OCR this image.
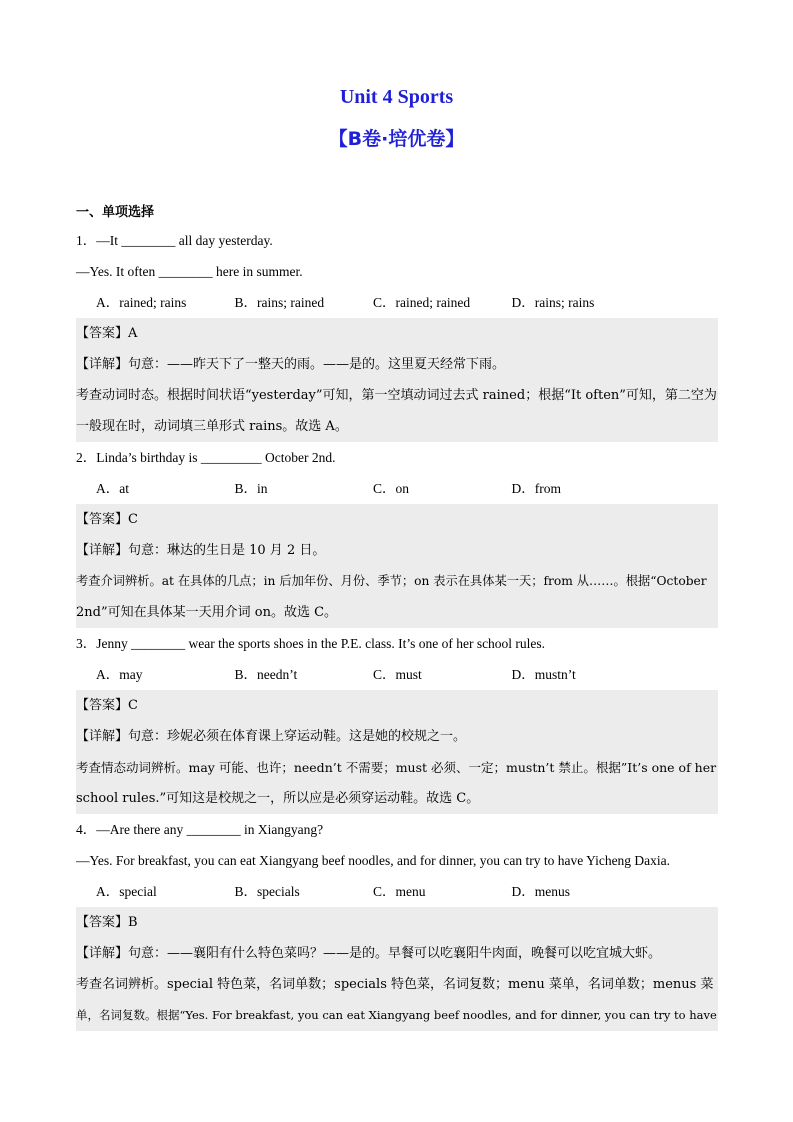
Unit 4 Sports
【B卷·培优卷】
一、单项选择
1．—It ________ all day yesterday.
—Yes. It often ________ here in summer.
A．rained; rains	B．rains; rained	C．rained; rained	D．rains; rains
【答案】A
【详解】句意：——昨天下了一整天的雨。——是的。这里夏天经常下雨。
考查动词时态。根据时间状语“yesterday”可知，第一空填动词过去式 rained；根据“It often”可知，第二空为
一般现在时，动词填三单形式 rains。故选 A。
2．Linda’s birthday is _________ October 2nd.
A．at	B．in	C．on	D．from
【答案】C
【详解】句意：琳达的生日是 10 月 2 日。
考查介词辨析。at 在具体的几点；in 后加年份、月份、季节；on 表示在具体某一天；from 从……。根据“October
2nd”可知在具体某一天用介词 on。故选 C。
3．Jenny ________ wear the sports shoes in the P.E. class. It’s one of her school rules.
A．may	B．needn’t	C．must	D．mustn’t
【答案】C
【详解】句意：珍妮必须在体育课上穿运动鞋。这是她的校规之一。
考查情态动词辨析。may 可能、也许；needn’t 不需要；must 必须、一定；mustn’t 禁止。根据”It’s one of her
school rules.”可知这是校规之一，所以应是必须穿运动鞋。故选 C。
4．—Are there any ________ in Xiangyang?
—Yes. For breakfast, you can eat Xiangyang beef noodles, and for dinner, you can try to have Yicheng Daxia.
A．special	B．specials	C．menu	D．menus
【答案】B
【详解】句意：——襄阳有什么特色菜吗？——是的。早餐可以吃襄阳牛肉面，晚餐可以吃宜城大虾。
考查名词辨析。special 特色菜，名词单数；specials 特色菜，名词复数；menu 菜单，名词单数；menus 菜
单，名词复数。根据“Yes. For breakfast, you can eat Xiangyang beef noodles, and for dinner, you can try to have
